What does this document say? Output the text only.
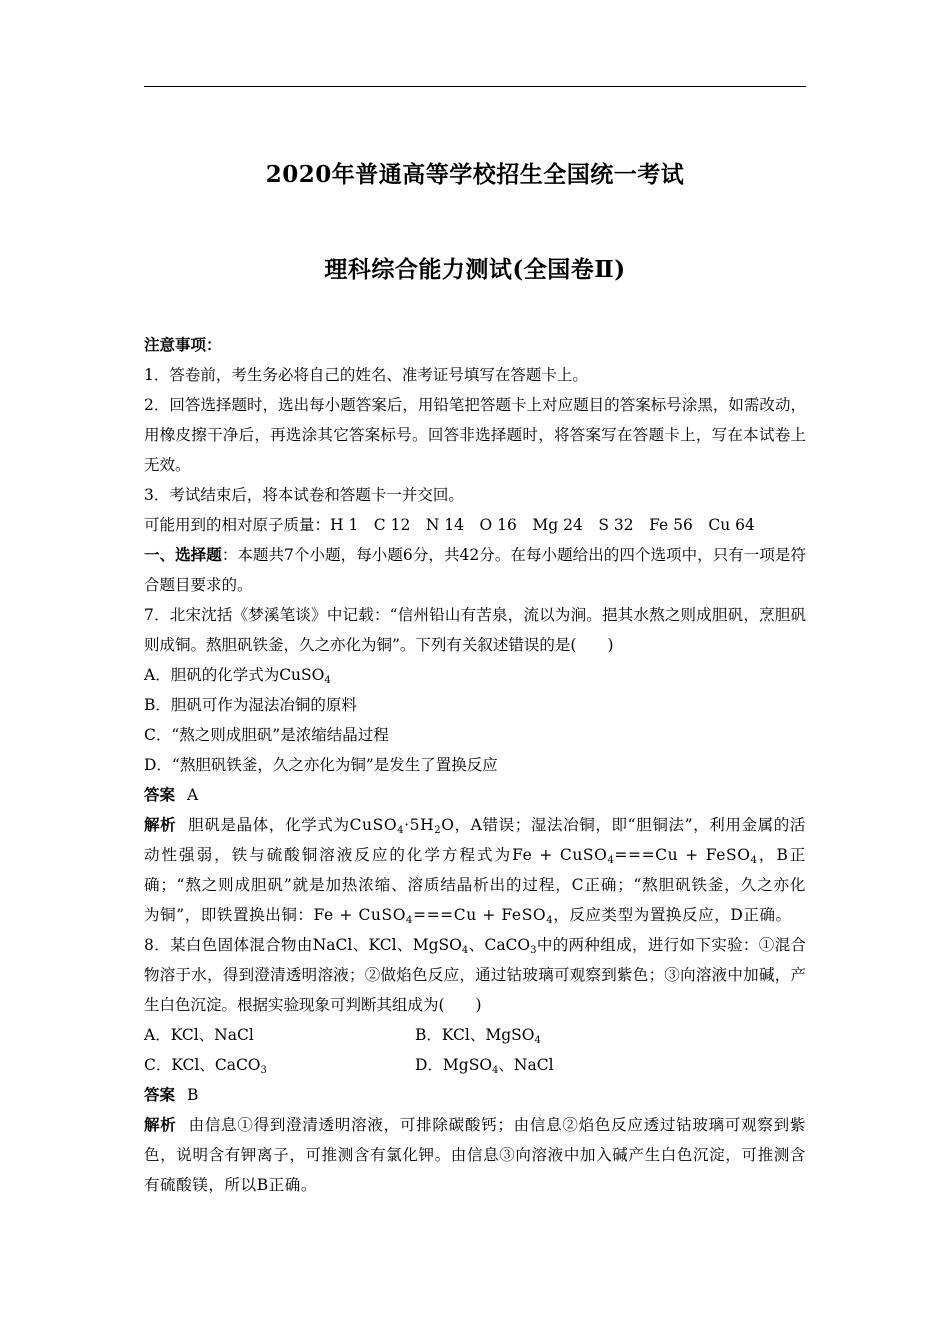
2020年普通高等学校招生全国统一考试
理科综合能力测试(全国卷Ⅱ)

注意事项：

1．答卷前，考生务必将自己的姓名、准考证号填写在答题卡上。

2．回答选择题时，选出每小题答案后，用铅笔把答题卡上对应题目的答案标号涂黑，如需改动，用橡皮擦干净后，再选涂其它答案标号。回答非选择题时，将答案写在答题卡上，写在本试卷上无效。

3．考试结束后，将本试卷和答题卡一并交回。

可能用到的相对原子质量：H 1　C 12　N 14　O 16　Mg 24　S 32　Fe 56　Cu 64

一、选择题：本题共7个小题，每小题6分，共42分。在每小题给出的四个选项中，只有一项是符合题目要求的。

7．北宋沈括《梦溪笔谈》中记载：“信州铅山有苦泉，流以为涧。挹其水熬之则成胆矾，烹胆矾则成铜。熬胆矾铁釜，久之亦化为铜”。下列有关叙述错误的是(　　)

A．胆矾的化学式为CuSO$_4$

B．胆矾可作为湿法冶铜的原料

C．“熬之则成胆矾”是浓缩结晶过程

D．“熬胆矾铁釜，久之亦化为铜”是发生了置换反应

答案 A

解析 胆矾是晶体，化学式为$CuSO_4\cdot 5H_2O$，A错误；湿法冶铜，即“胆铜法”，利用金属的活动性强弱，铁与硫酸铜溶液反应的化学方程式为Fe + CuSO$_4$===Cu + FeSO$_4$，B正确；“熬之则成胆矾”就是加热浓缩、溶质结晶析出的过程，C正确；“熬胆矾铁釜，久之亦化为铜”，即铁置换出铜：Fe + CuSO$_4$===Cu + FeSO$_4$，反应类型为置换反应，D正确。

8．某白色固体混合物由NaCl、KCl、MgSO$_4$、CaCO$_3$中的两种组成，进行如下实验：①混合物溶于水，得到澄清透明溶液；②做焰色反应，通过钴玻璃可观察到紫色；③向溶液中加碱，产生白色沉淀。根据实验现象可判断其组成为(　　)

A．KCl、NaCl	B．KCl、MgSO$_4$
C．KCl、CaCO$_3$	D．MgSO$_4$、NaCl

答案 B

解析 由信息①得到澄清透明溶液，可排除碳酸钙；由信息②焰色反应透过钴玻璃可观察到紫色，说明含有钾离子，可推测含有氯化钾。由信息③向溶液中加入碱产生白色沉淀，可推测含有硫酸镁，所以B正确。
